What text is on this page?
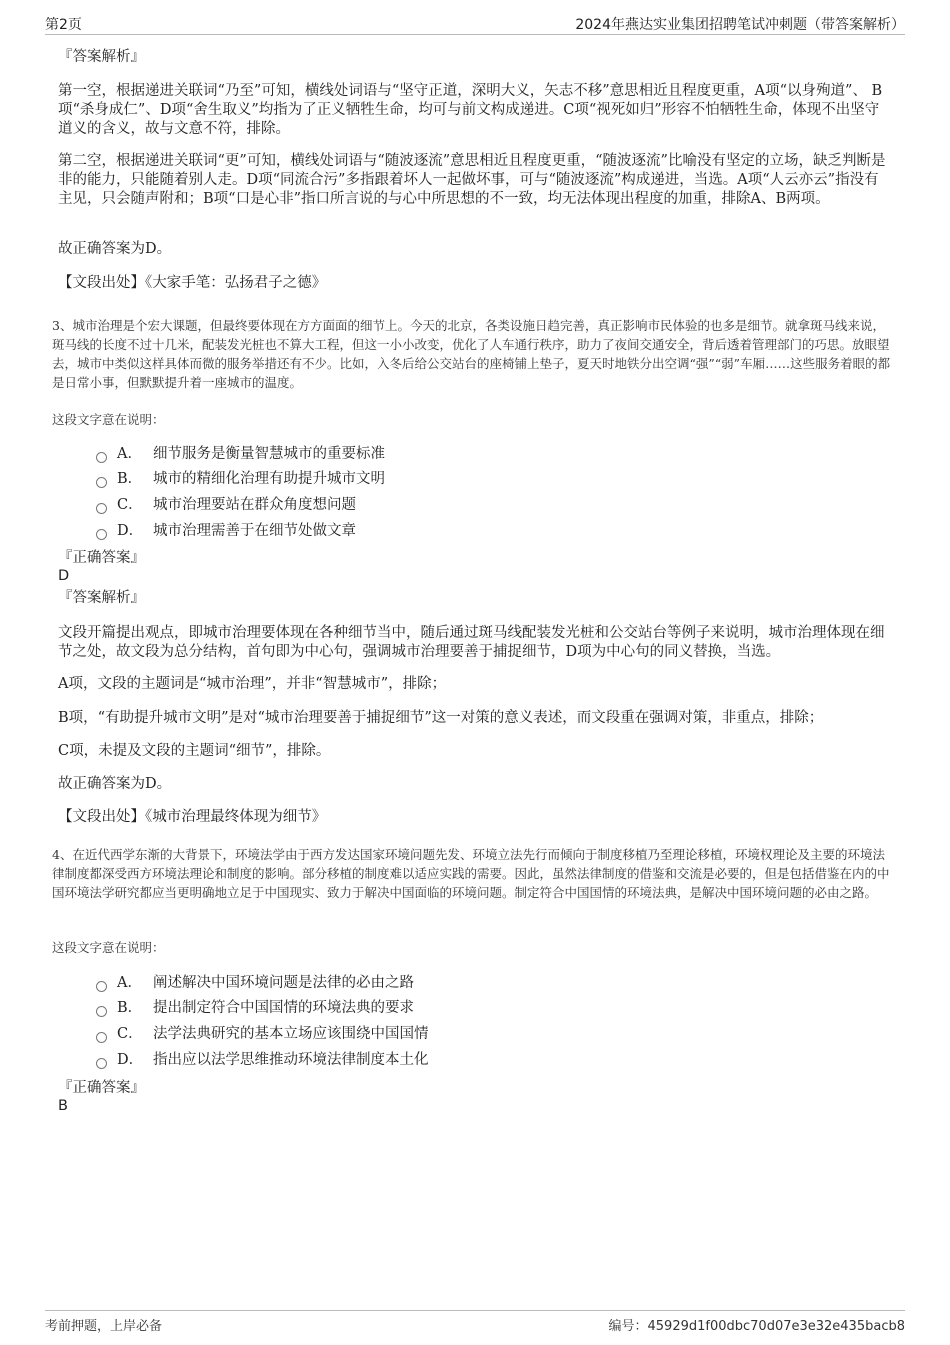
第2页	2024年燕达实业集团招聘笔试冲刺题（带答案解析）
『答案解析』
第一空，根据递进关联词“乃至”可知，横线处词语与“坚守正道，深明大义，矢志不移”意思相近且程度更重，A项“以身殉道”、 B项“杀身成仁”、D项“舍生取义”均指为了正义牺牲生命，均可与前文构成递进。C项“视死如归”形容不怕牺牲生命，体现不出坚守道义的含义，故与文意不符，排除。
第二空，根据递进关联词“更”可知，横线处词语与“随波逐流”意思相近且程度更重，“随波逐流”比喻没有坚定的立场，缺乏判断是非的能力，只能随着别人走。D项“同流合污”多指跟着坏人一起做坏事，可与“随波逐流”构成递进，当选。A项“人云亦云”指没有主见，只会随声附和；B项“口是心非”指口所言说的与心中所思想的不一致，均无法体现出程度的加重，排除A、B两项。
故正确答案为D。
【文段出处】《大家手笔：弘扬君子之德》
3、城市治理是个宏大课题，但最终要体现在方方面面的细节上。今天的北京，各类设施日趋完善，真正影响市民体验的也多是细节。就拿斑马线来说，斑马线的长度不过十几米，配装发光桩也不算大工程，但这一小小改变，优化了人车通行秩序，助力了夜间交通安全，背后透着管理部门的巧思。放眼望去，城市中类似这样具体而微的服务举措还有不少。比如，入冬后给公交站台的座椅铺上垫子，夏天时地铁分出空调“强”“弱”车厢……这些服务着眼的都是日常小事，但默默提升着一座城市的温度。
这段文字意在说明：
A． 细节服务是衡量智慧城市的重要标准
B． 城市的精细化治理有助提升城市文明
C． 城市治理要站在群众角度想问题
D． 城市治理需善于在细节处做文章
『正确答案』
D
『答案解析』
文段开篇提出观点，即城市治理要体现在各种细节当中，随后通过斑马线配装发光桩和公交站台等例子来说明，城市治理体现在细节之处，故文段为总分结构，首句即为中心句，强调城市治理要善于捕捉细节，D项为中心句的同义替换，当选。
A项，文段的主题词是“城市治理”，并非“智慧城市”，排除；
B项，“有助提升城市文明”是对“城市治理要善于捕捉细节”这一对策的意义表述，而文段重在强调对策，非重点，排除；
C项，未提及文段的主题词“细节”，排除。
故正确答案为D。
【文段出处】《城市治理最终体现为细节》
4、在近代西学东渐的大背景下，环境法学由于西方发达国家环境问题先发、环境立法先行而倾向于制度移植乃至理论移植，环境权理论及主要的环境法律制度都深受西方环境法理论和制度的影响。部分移植的制度难以适应实践的需要。因此，虽然法律制度的借鉴和交流是必要的，但是包括借鉴在内的中国环境法学研究都应当更明确地立足于中国现实、致力于解决中国面临的环境问题。制定符合中国国情的环境法典，是解决中国环境问题的必由之路。
这段文字意在说明：
A． 阐述解决中国环境问题是法律的必由之路
B． 提出制定符合中国国情的环境法典的要求
C． 法学法典研究的基本立场应该围绕中国国情
D． 指出应以法学思维推动环境法律制度本土化
『正确答案』
B
考前押题，上岸必备	编号：45929d1f00dbc70d07e3e32e435bacb8
